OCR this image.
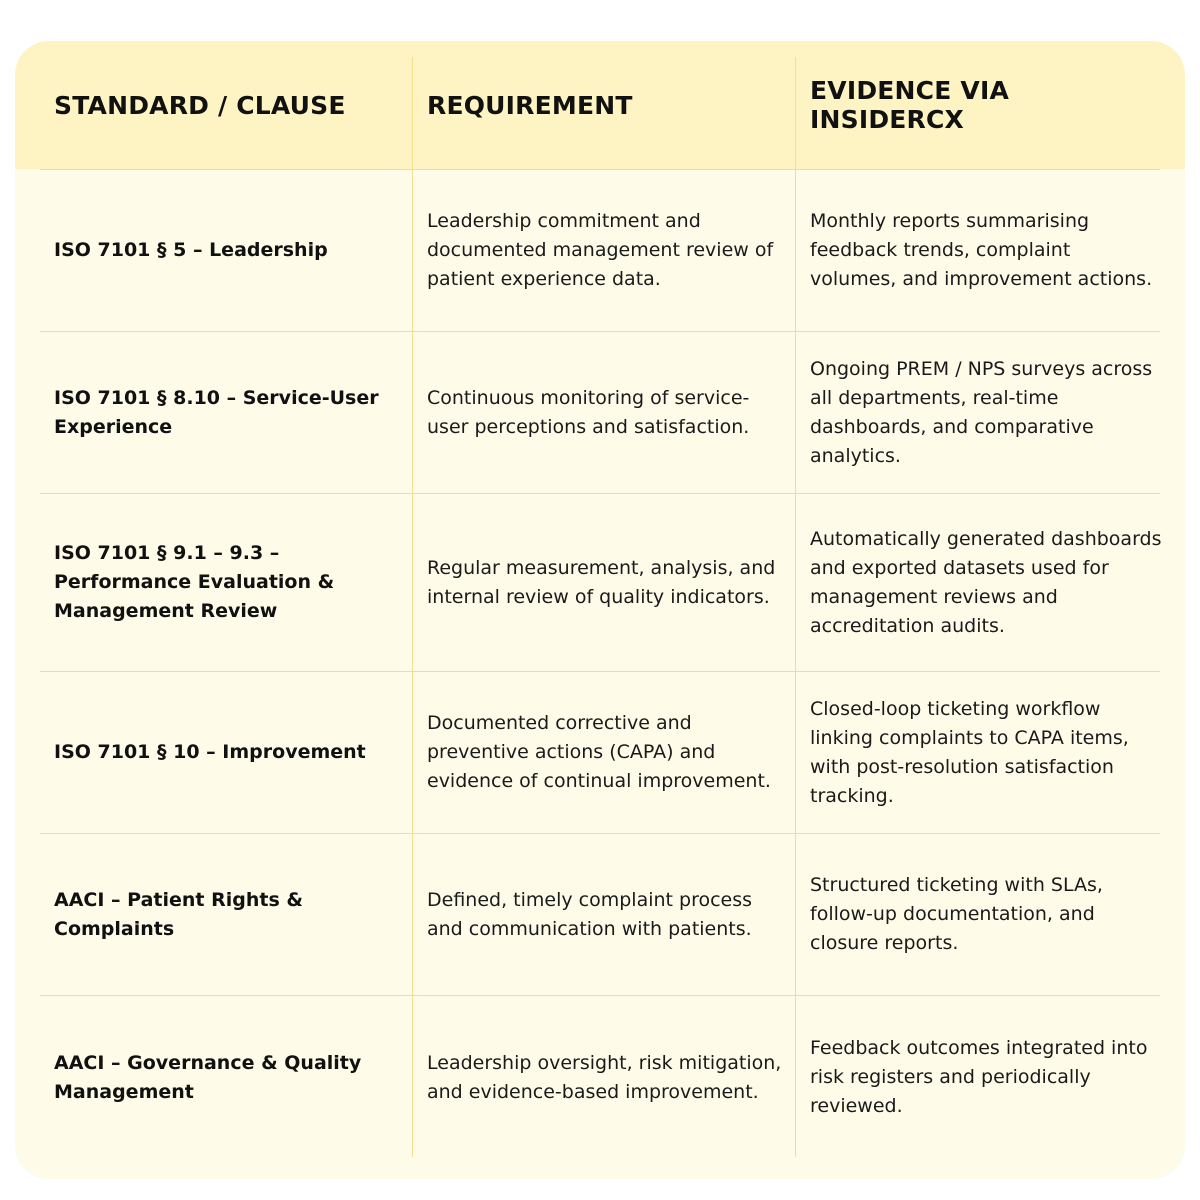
STANDARD / CLAUSE	REQUIREMENT	EVIDENCE VIA INSIDERCX
ISO 7101 § 5 – Leadership
Leadership commitment and documented management review of patient experience data.
Monthly reports summarising feedback trends, complaint volumes, and improvement actions.
ISO 7101 § 8.10 – Service-User Experience
Continuous monitoring of service-user perceptions and satisfaction.
Ongoing PREM / NPS surveys across all departments, real-time dashboards, and comparative analytics.
ISO 7101 § 9.1 – 9.3 – Performance Evaluation & Management Review
Regular measurement, analysis, and internal review of quality indicators.
Automatically generated dashboards and exported datasets used for management reviews and accreditation audits.
ISO 7101 § 10 – Improvement
Documented corrective and preventive actions (CAPA) and evidence of continual improvement.
Closed-loop ticketing workflow linking complaints to CAPA items, with post-resolution satisfaction tracking.
AACI – Patient Rights & Complaints
Defined, timely complaint process and communication with patients.
Structured ticketing with SLAs, follow-up documentation, and closure reports.
AACI – Governance & Quality Management
Leadership oversight, risk mitigation, and evidence-based improvement.
Feedback outcomes integrated into risk registers and periodically reviewed.
